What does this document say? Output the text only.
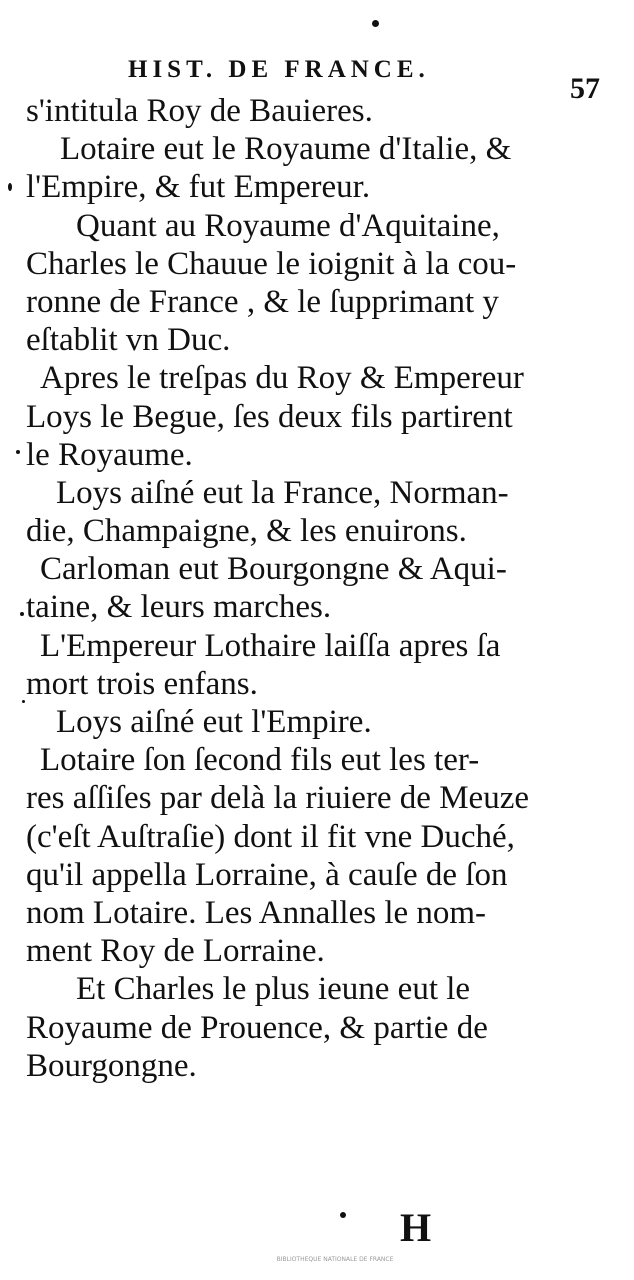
HIST. DE FRANCE.
57
s'intitula Roy de Bauieres.
Lotaire eut le Royaume d'Italie, &
l'Empire, & fut Empereur.
Quant au Royaume d'Aquitaine,
Charles le Chauue le ioignit à la cou-
ronne de France , & le ſupprimant y
eſtablit vn Duc.
Apres le treſpas du Roy & Empereur
Loys le Begue, ſes deux fils partirent
le Royaume.
Loys aiſné eut la France, Norman-
die, Champaigne, & les enuirons.
Carloman eut Bourgongne & Aqui-
taine, & leurs marches.
L'Empereur Lothaire laiſſa apres ſa
mort trois enfans.
Loys aiſné eut l'Empire.
Lotaire ſon ſecond fils eut les ter-
res aſſiſes par delà la riuiere de Meuze
(c'eſt Auſtraſie) dont il fit vne Duché,
qu'il appella Lorraine, à cauſe de ſon
nom Lotaire. Les Annalles le nom-
ment Roy de Lorraine.
Et Charles le plus ieune eut le
Royaume de Prouence, & partie de
Bourgongne.
H
BIBLIOTHEQUE NATIONALE DE FRANCE
